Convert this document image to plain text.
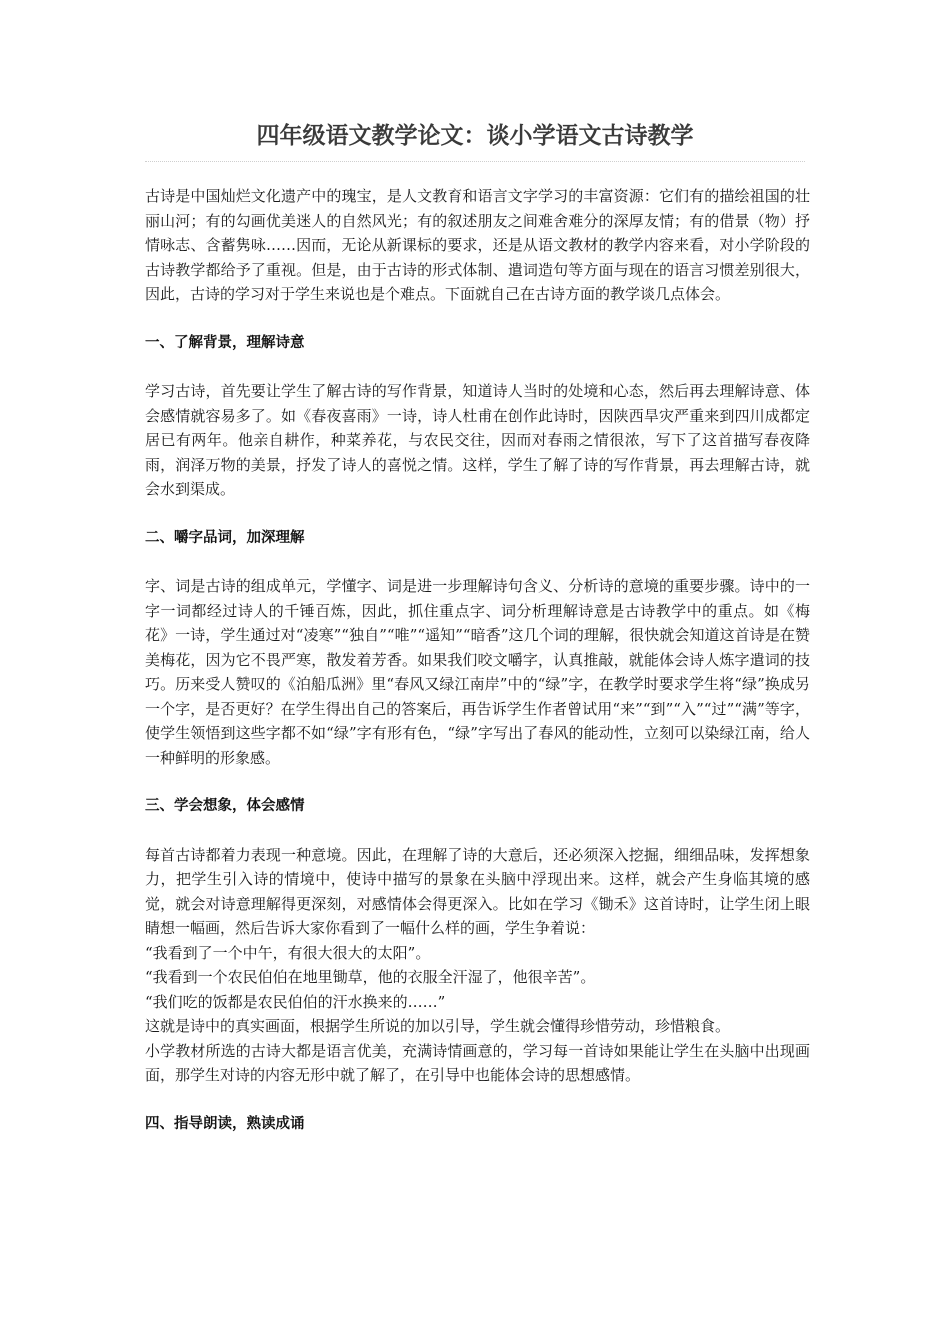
四年级语文教学论文：谈小学语文古诗教学

古诗是中国灿烂文化遗产中的瑰宝，是人文教育和语言文字学习的丰富资源：它们有的描绘祖国的壮丽山河；有的勾画优美迷人的自然风光；有的叙述朋友之间难舍难分的深厚友情；有的借景（物）抒情咏志、含蓄隽咏……因而，无论从新课标的要求，还是从语文教材的教学内容来看，对小学阶段的古诗教学都给予了重视。但是，由于古诗的形式体制、遣词造句等方面与现在的语言习惯差别很大，因此，古诗的学习对于学生来说也是个难点。下面就自己在古诗方面的教学谈几点体会。

一、了解背景，理解诗意

学习古诗，首先要让学生了解古诗的写作背景，知道诗人当时的处境和心态，然后再去理解诗意、体会感情就容易多了。如《春夜喜雨》一诗，诗人杜甫在创作此诗时，因陕西旱灾严重来到四川成都定居已有两年。他亲自耕作，种菜养花，与农民交往，因而对春雨之情很浓，写下了这首描写春夜降雨，润泽万物的美景，抒发了诗人的喜悦之情。这样，学生了解了诗的写作背景，再去理解古诗，就会水到渠成。

二、嚼字品词，加深理解

字、词是古诗的组成单元，学懂字、词是进一步理解诗句含义、分析诗的意境的重要步骤。诗中的一字一词都经过诗人的千锤百炼，因此，抓住重点字、词分析理解诗意是古诗教学中的重点。如《梅花》一诗，学生通过对“凌寒”“独自”“唯”“遥知”“暗香”这几个词的理解，很快就会知道这首诗是在赞美梅花，因为它不畏严寒，散发着芳香。如果我们咬文嚼字，认真推敲，就能体会诗人炼字遣词的技巧。历来受人赞叹的《泊船瓜洲》里“春风又绿江南岸”中的“绿”字，在教学时要求学生将“绿”换成另一个字，是否更好？在学生得出自己的答案后，再告诉学生作者曾试用“来”“到”“入”“过”“满”等字，使学生领悟到这些字都不如“绿”字有形有色，“绿”字写出了春风的能动性，立刻可以染绿江南，给人一种鲜明的形象感。

三、学会想象，体会感情

每首古诗都着力表现一种意境。因此，在理解了诗的大意后，还必须深入挖掘，细细品味，发挥想象力，把学生引入诗的情境中，使诗中描写的景象在头脑中浮现出来。这样，就会产生身临其境的感觉，就会对诗意理解得更深刻，对感情体会得更深入。比如在学习《锄禾》这首诗时，让学生闭上眼睛想一幅画，然后告诉大家你看到了一幅什么样的画，学生争着说：

“我看到了一个中午，有很大很大的太阳”。

“我看到一个农民伯伯在地里锄草，他的衣服全汗湿了，他很辛苦”。

“我们吃的饭都是农民伯伯的汗水换来的……”

这就是诗中的真实画面，根据学生所说的加以引导，学生就会懂得珍惜劳动，珍惜粮食。

小学教材所选的古诗大都是语言优美，充满诗情画意的，学习每一首诗如果能让学生在头脑中出现画面，那学生对诗的内容无形中就了解了，在引导中也能体会诗的思想感情。

四、指导朗读，熟读成诵
